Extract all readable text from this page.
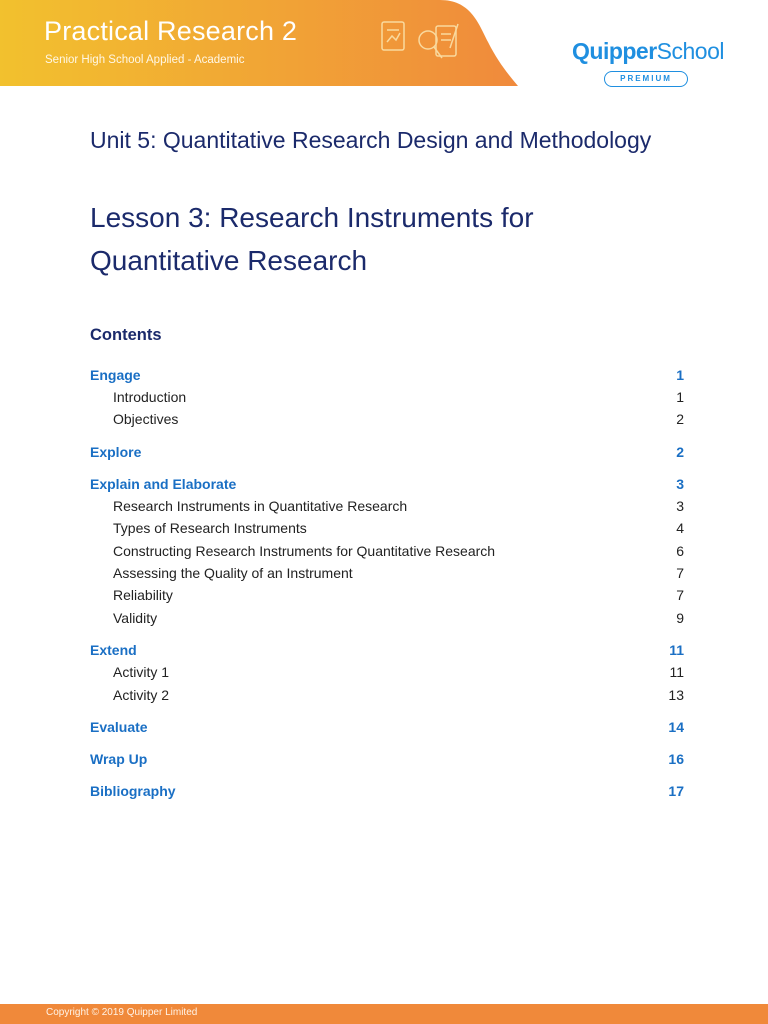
Practical Research 2
Senior High School Applied - Academic	QuipperSchool
PREMIUM
Unit 5: Quantitative Research Design and Methodology
Lesson 3: Research Instruments for Quantitative Research
Contents
Engage	1
Introduction	1
Objectives	2
Explore	2
Explain and Elaborate	3
Research Instruments in Quantitative Research	3
Types of Research Instruments	4
Constructing Research Instruments for Quantitative Research	6
Assessing the Quality of an Instrument	7
Reliability	7
Validity	9
Extend	11
Activity 1	11
Activity 2	13
Evaluate	14
Wrap Up	16
Bibliography	17
Copyright © 2019 Quipper Limited
